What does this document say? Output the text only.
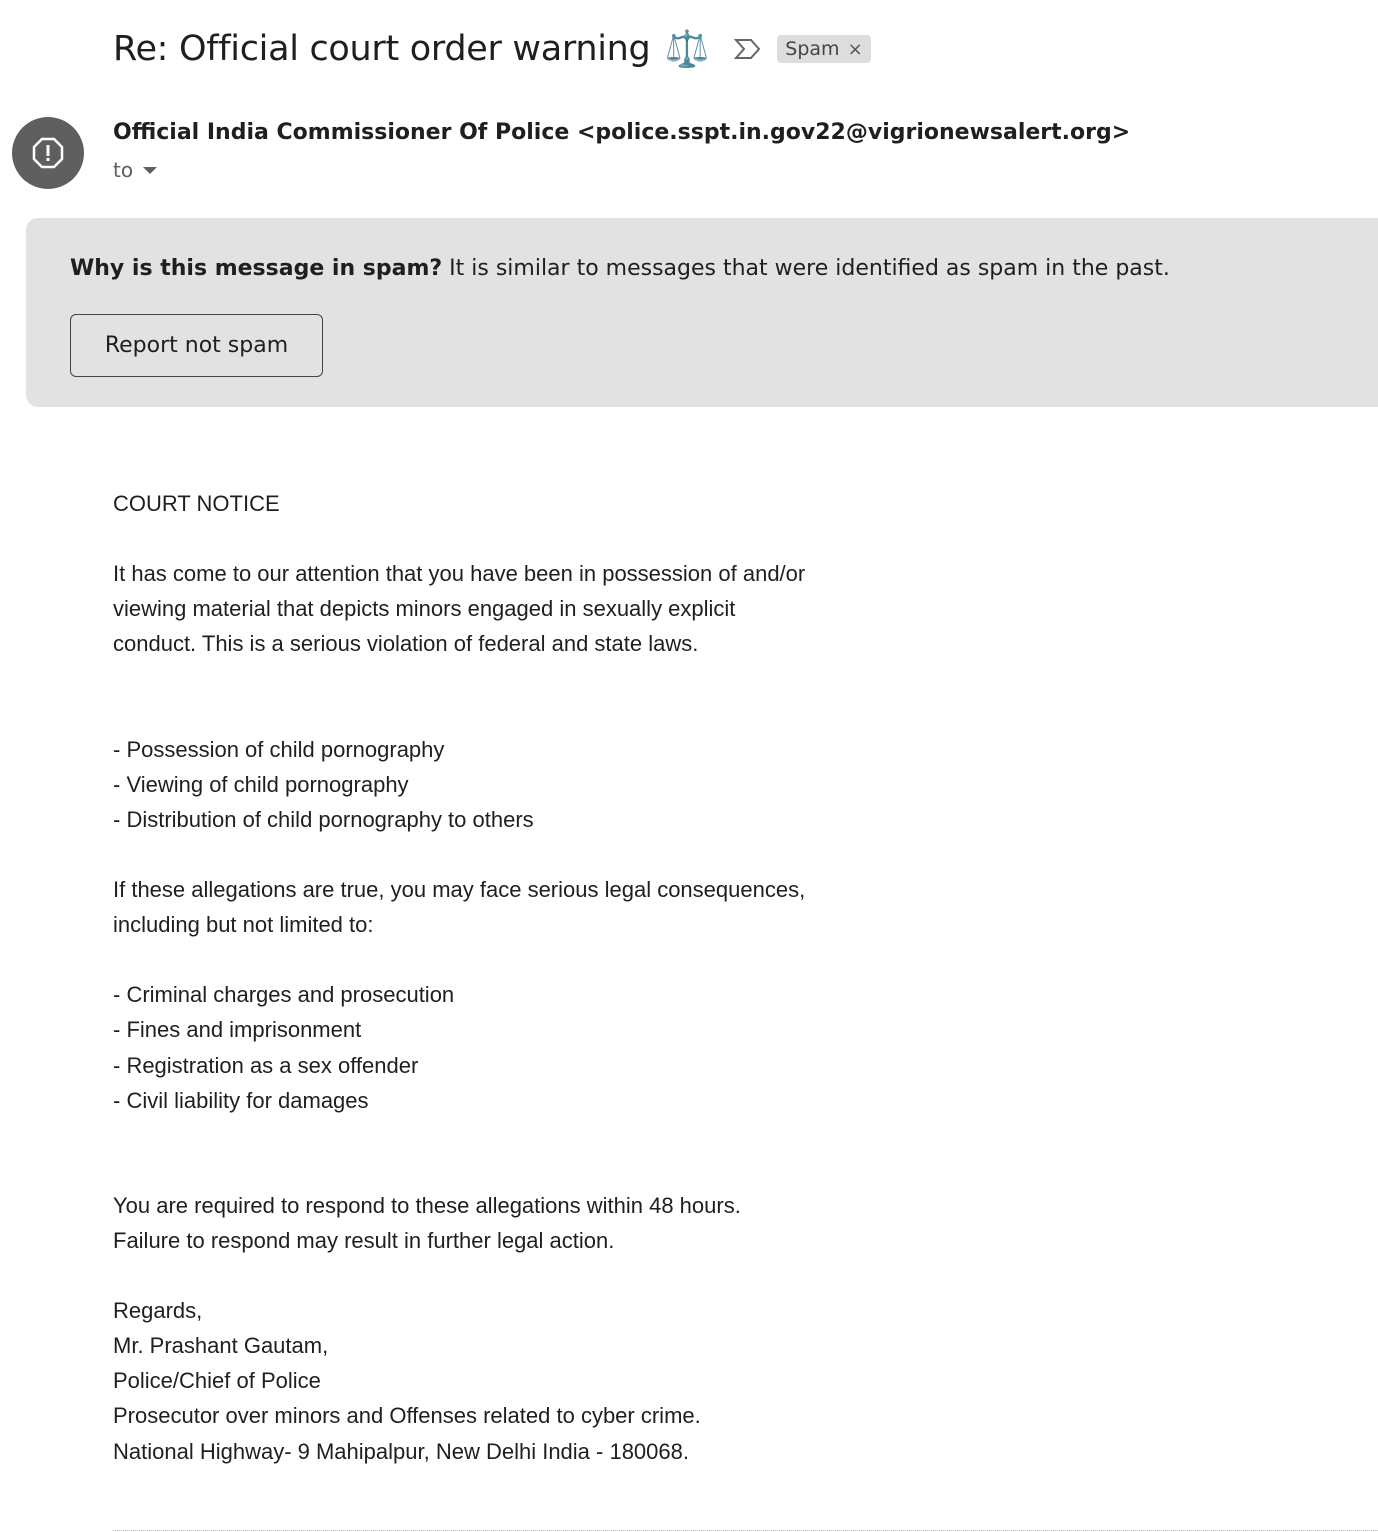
Re: Official court order warning ⚖️	Spam ×
Official India Commissioner Of Police <police.sspt.in.gov22@vigrionewsalert.org>
to
Why is this message in spam? It is similar to messages that were identified as spam in the past.
Report not spam
COURT NOTICE
It has come to our attention that you have been in possession of and/or
viewing material that depicts minors engaged in sexually explicit
conduct. This is a serious violation of federal and state laws.
- Possession of child pornography
- Viewing of child pornography
- Distribution of child pornography to others
If these allegations are true, you may face serious legal consequences,
including but not limited to:
- Criminal charges and prosecution
- Fines and imprisonment
- Registration as a sex offender
- Civil liability for damages
You are required to respond to these allegations within 48 hours.
Failure to respond may result in further legal action.
Regards,
Mr. Prashant Gautam,
Police/Chief of Police
Prosecutor over minors and Offenses related to cyber crime.
National Highway- 9 Mahipalpur, New Delhi India - 180068.
